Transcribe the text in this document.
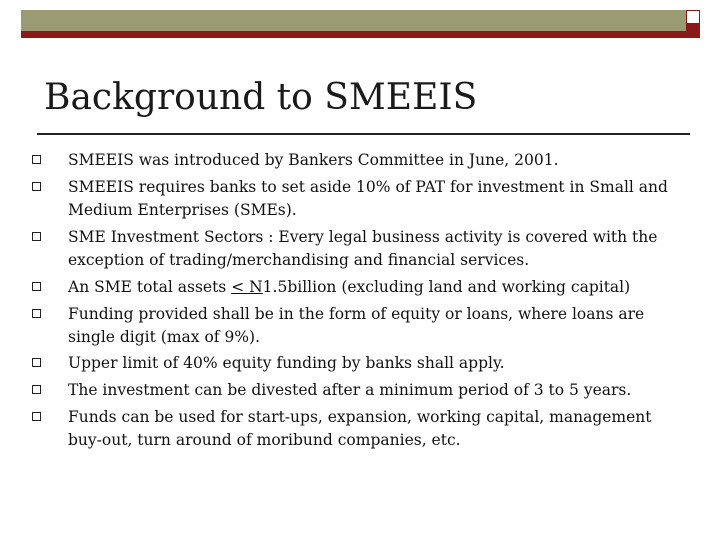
Background to SMEEIS
SMEEIS was introduced by Bankers Committee in June, 2001.
SMEEIS requires banks to set aside 10% of PAT for investment in Small and Medium Enterprises (SMEs).
SME Investment Sectors : Every legal business activity is covered with the exception of trading/merchandising and financial services.
An SME total assets < N1.5billion (excluding land and working capital)
Funding provided shall be in the form of equity or loans, where loans are single digit (max of 9%).
Upper limit of 40% equity funding by banks shall apply.
The investment can be divested after a minimum period of 3 to 5 years.
Funds can be used for start-ups, expansion, working capital, management buy-out, turn around of moribund companies, etc.
